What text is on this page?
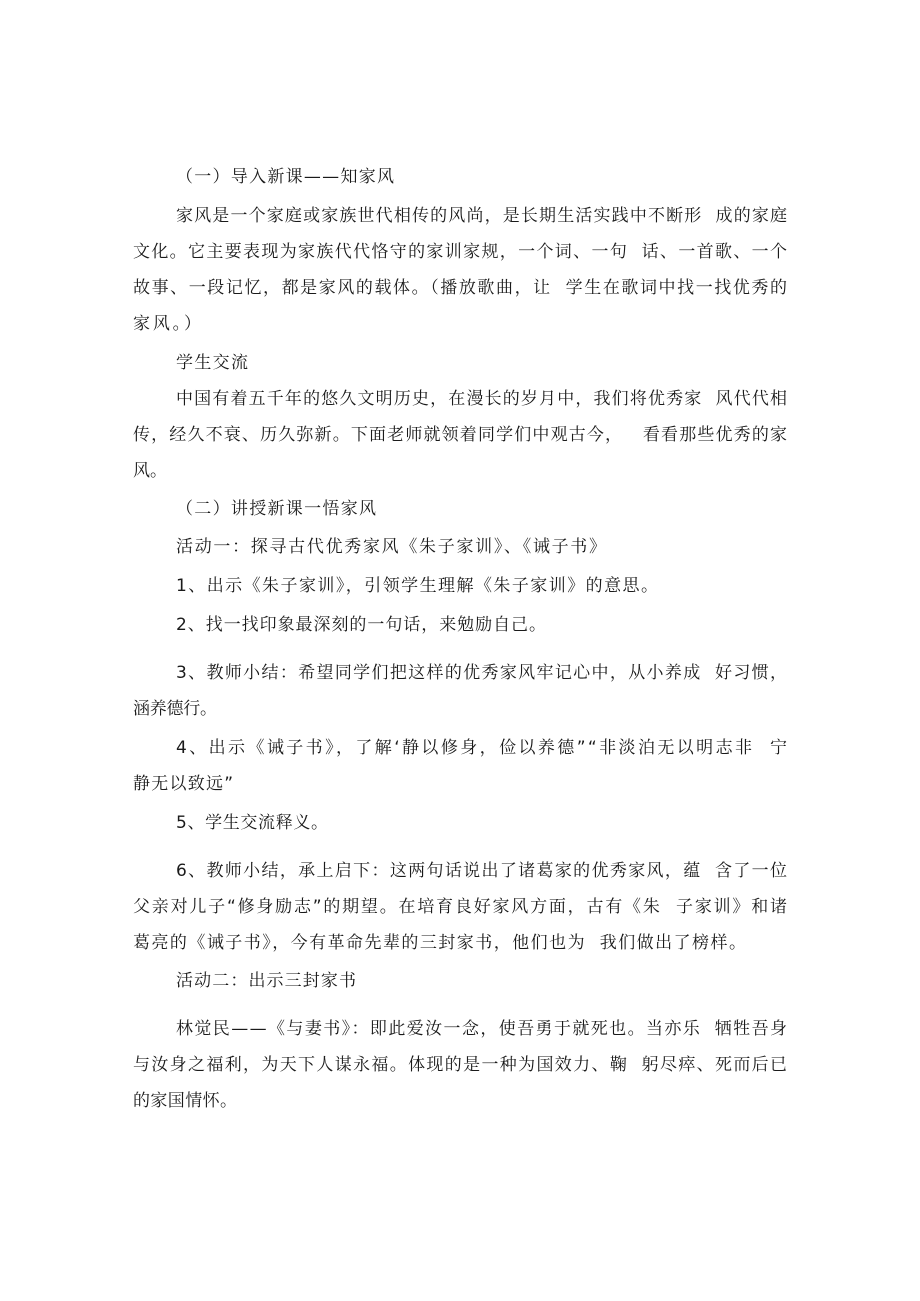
（一）导入新课——知家风
家风是一个家庭或家族世代相传的风尚，是长期生活实践中不断形  成的家庭
文化。它主要表现为家族代代恪守的家训家规，一个词、一句  话、一首歌、一个
故事、一段记忆，都是家风的载体。（播放歌曲，让  学生在歌词中找一找优秀的
家风。）
学生交流
中国有着五千年的悠久文明历史，在漫长的岁月中，我们将优秀家  风代代相
传，经久不衰、历久弥新。下面老师就领着同学们中观古今，   看看那些优秀的家
风。
（二）讲授新课一悟家风
活动一：探寻古代优秀家风《朱子家训》、《诫子书》
1、出示《朱子家训》，引领学生理解《朱子家训》的意思。
2、找一找印象最深刻的一句话，来勉励自己。
3、教师小结：希望同学们把这样的优秀家风牢记心中，从小养成  好习惯，
涵养德行。
4、出示《诫子书》，了解‘静以修身，俭以养德”“非淡泊无以明志非  宁
静无以致远”
5、学生交流释义。
6、教师小结，承上启下：这两句话说出了诸葛家的优秀家风，蕴  含了一位
父亲对儿子“修身励志”的期望。在培育良好家风方面，古有《朱  子家训》和诸
葛亮的《诫子书》，今有革命先辈的三封家书，他们也为  我们做出了榜样。
活动二：出示三封家书
林觉民——《与妻书》：即此爱汝一念，使吾勇于就死也。当亦乐  牺牲吾身
与汝身之福利，为天下人谋永福。体现的是一种为国效力、鞠  躬尽瘁、死而后已
的家国情怀。
